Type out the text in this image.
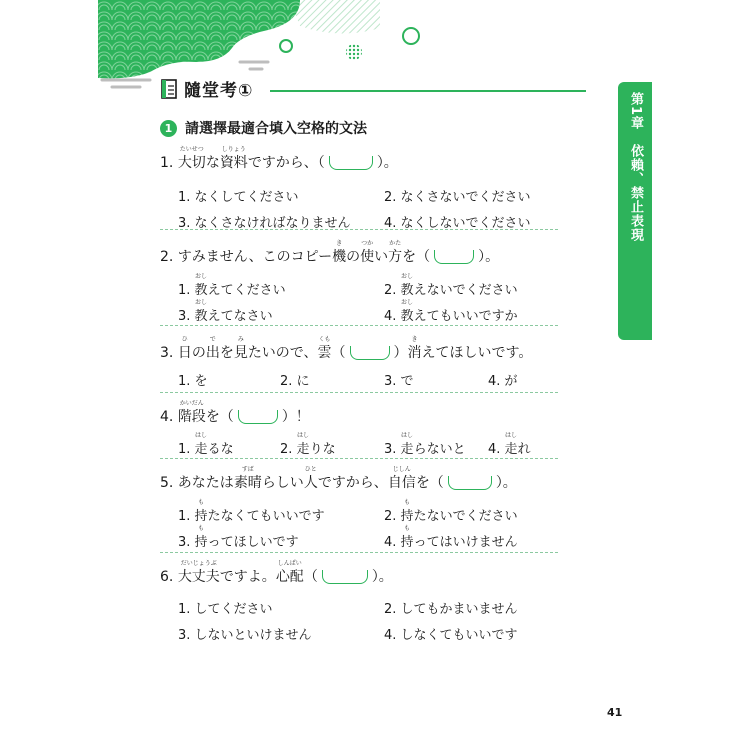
隨堂考①
第1章　依賴、禁止表現
1 請選擇最適合填入空格的文法
1.
たいせつ
大切な
しりょう
資料ですから、（	）。
1. なくしてください	2. なくさないでください
3. なくさなければなりません	4. なくしないでください
2. すみません、このコピー
き
機の
つか
使い
かた
方を（	）。
1.
おし
教えてください	2.
おし
教えないでください
3.
おし
教えてなさい	4.
おし
教えてもいいですか
3.
ひ
日の
で
出を
み
見たいので、
くも
雲（	）
き
消えてほしいです。
1. を	2. に	3. で	4. が
4.
かいだん
階段を（	）！
1.
はし
走るな	2.
はし
走りな	3.
はし
走らないと 4.
はし
走れ
5. あなたは
すば
素晴らしい
ひと
人ですから、
じしん
自信を（	）。
1.
も
持たなくてもいいです	2.
も
持たないでください
3.
も
持ってほしいです	4.
も
持ってはいけません
6.
だいじょうぶ
大丈夫ですよ。
しんぱい
心配（	）。
1. してください	2. してもかまいません
3. しないといけません	4. しなくてもいいです
41
